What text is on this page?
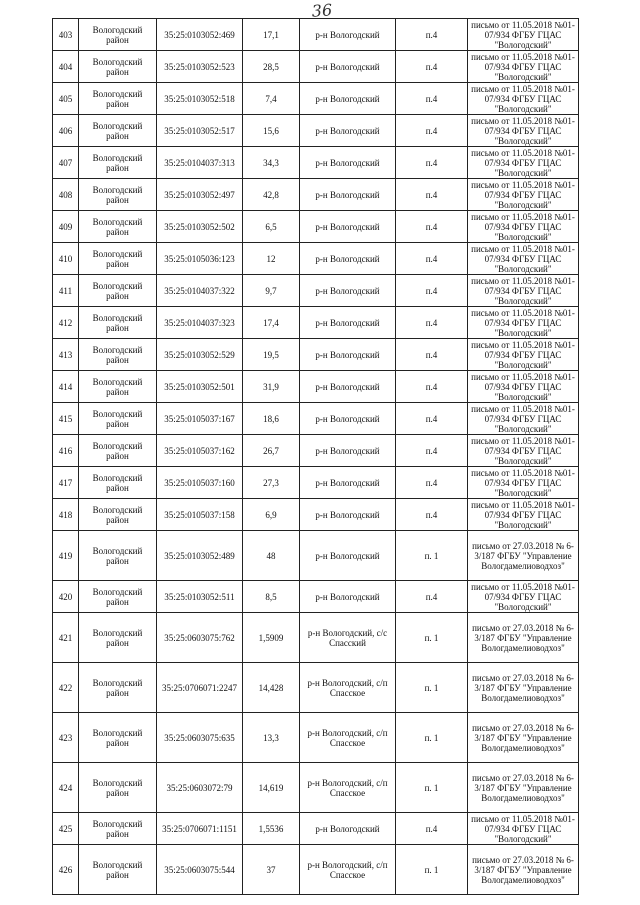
36
403	Вологодский район	35:25:0103052:469	17,1	р-н Вологодский	п.4	письмо от 11.05.2018 №01-07/934 ФГБУ ГЦАС "Вологодский"
404	Вологодский район	35:25:0103052:523	28,5	р-н Вологодский	п.4	письмо от 11.05.2018 №01-07/934 ФГБУ ГЦАС "Вологодский"
405	Вологодский район	35:25:0103052:518	7,4	р-н Вологодский	п.4	письмо от 11.05.2018 №01-07/934 ФГБУ ГЦАС "Вологодский"
406	Вологодский район	35:25:0103052:517	15,6	р-н Вологодский	п.4	письмо от 11.05.2018 №01-07/934 ФГБУ ГЦАС "Вологодский"
407	Вологодский район	35:25:0104037:313	34,3	р-н Вологодский	п.4	письмо от 11.05.2018 №01-07/934 ФГБУ ГЦАС "Вологодский"
408	Вологодский район	35:25:0103052:497	42,8	р-н Вологодский	п.4	письмо от 11.05.2018 №01-07/934 ФГБУ ГЦАС "Вологодский"
409	Вологодский район	35:25:0103052:502	6,5	р-н Вологодский	п.4	письмо от 11.05.2018 №01-07/934 ФГБУ ГЦАС "Вологодский"
410	Вологодский район	35:25:0105036:123	12	р-н Вологодский	п.4	письмо от 11.05.2018 №01-07/934 ФГБУ ГЦАС "Вологодский"
411	Вологодский район	35:25:0104037:322	9,7	р-н Вологодский	п.4	письмо от 11.05.2018 №01-07/934 ФГБУ ГЦАС "Вологодский"
412	Вологодский район	35:25:0104037:323	17,4	р-н Вологодский	п.4	письмо от 11.05.2018 №01-07/934 ФГБУ ГЦАС "Вологодский"
413	Вологодский район	35:25:0103052:529	19,5	р-н Вологодский	п.4	письмо от 11.05.2018 №01-07/934 ФГБУ ГЦАС "Вологодский"
414	Вологодский район	35:25:0103052:501	31,9	р-н Вологодский	п.4	письмо от 11.05.2018 №01-07/934 ФГБУ ГЦАС "Вологодский"
415	Вологодский район	35:25:0105037:167	18,6	р-н Вологодский	п.4	письмо от 11.05.2018 №01-07/934 ФГБУ ГЦАС "Вологодский"
416	Вологодский район	35:25:0105037:162	26,7	р-н Вологодский	п.4	письмо от 11.05.2018 №01-07/934 ФГБУ ГЦАС "Вологодский"
417	Вологодский район	35:25:0105037:160	27,3	р-н Вологодский	п.4	письмо от 11.05.2018 №01-07/934 ФГБУ ГЦАС "Вологодский"
418	Вологодский район	35:25:0105037:158	6,9	р-н Вологодский	п.4	письмо от 11.05.2018 №01-07/934 ФГБУ ГЦАС "Вологодский"
419	Вологодский район	35:25:0103052:489	48	р-н Вологодский	п. 1	письмо от 27.03.2018 № 6-3/187 ФГБУ "Управление Вологдамелиоводхоз"
420	Вологодский район	35:25:0103052:511	8,5	р-н Вологодский	п.4	письмо от 11.05.2018 №01-07/934 ФГБУ ГЦАС "Вологодский"
421	Вологодский район	35:25:0603075:762	1,5909	р-н Вологодский, с/с Спасский	п. 1	письмо от 27.03.2018 № 6-3/187 ФГБУ "Управление Вологдамелиоводхоз"
422	Вологодский район	35:25:0706071:2247	14,428	р-н Вологодский, с/п Спасское	п. 1	письмо от 27.03.2018 № 6-3/187 ФГБУ "Управление Вологдамелиоводхоз"
423	Вологодский район	35:25:0603075:635	13,3	р-н Вологодский, с/п Спасское	п. 1	письмо от 27.03.2018 № 6-3/187 ФГБУ "Управление Вологдамелиоводхоз"
424	Вологодский район	35:25:0603072:79	14,619	р-н Вологодский, с/п Спасское	п. 1	письмо от 27.03.2018 № 6-3/187 ФГБУ "Управление Вологдамелиоводхоз"
425	Вологодский район	35:25:0706071:1151	1,5536	р-н Вологодский	п.4	письмо от 11.05.2018 №01-07/934 ФГБУ ГЦАС "Вологодский"
426	Вологодский район	35:25:0603075:544	37	р-н Вологодский, с/п Спасское	п. 1	письмо от 27.03.2018 № 6-3/187 ФГБУ "Управление Вологдамелиоводхоз"
